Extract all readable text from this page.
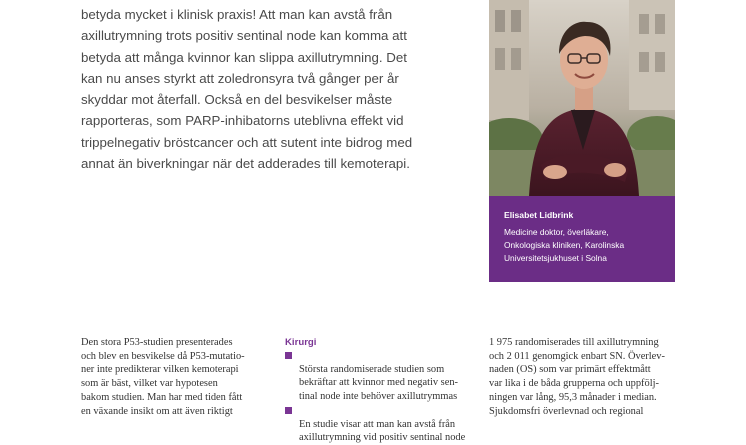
betyda mycket i klinisk praxis! Att man kan avstå från
axillutrymning trots positiv sentinal node kan komma att
betyda att många kvinnor kan slippa axillutrymning. Det
kan nu anses styrkt att zoledronsyra två gånger per år
skyddar mot återfall. Också en del besvikelser måste
rapporteras, som PARP-inhibatorns uteblivna effekt vid
trippelnegativ bröstcancer och att sutent inte bidrog med
annat än biverkningar när det adderades till kemoterapi.

Elisabet Lidbrink

Medicine doktor, överläkare,
Onkologiska kliniken, Karolinska
Universitetsjukhuset i Solna

Den stora P53-studien presenterades
och blev en besvikelse då P53-mutatio-
ner inte predikterar vilken kemoterapi
som är bäst, vilket var hypotesen
bakom studien. Man har med tiden fått
en växande insikt om att även riktigt

Kirurgi

Största randomiserade studien som
bekräftar att kvinnor med negativ sen-
tinal node inte behöver axillutrymmas

En studie visar att man kan avstå från
axillutrymning vid positiv sentinal node

1 975 randomiserades till axillutrymning
och 2 011 genomgick enbart SN. Överlev-
naden (OS) som var primärt effektmått
var lika i de båda grupperna och uppfölj-
ningen var lång, 95,3 månader i median.
Sjukdomsfri överlevnad och regional
